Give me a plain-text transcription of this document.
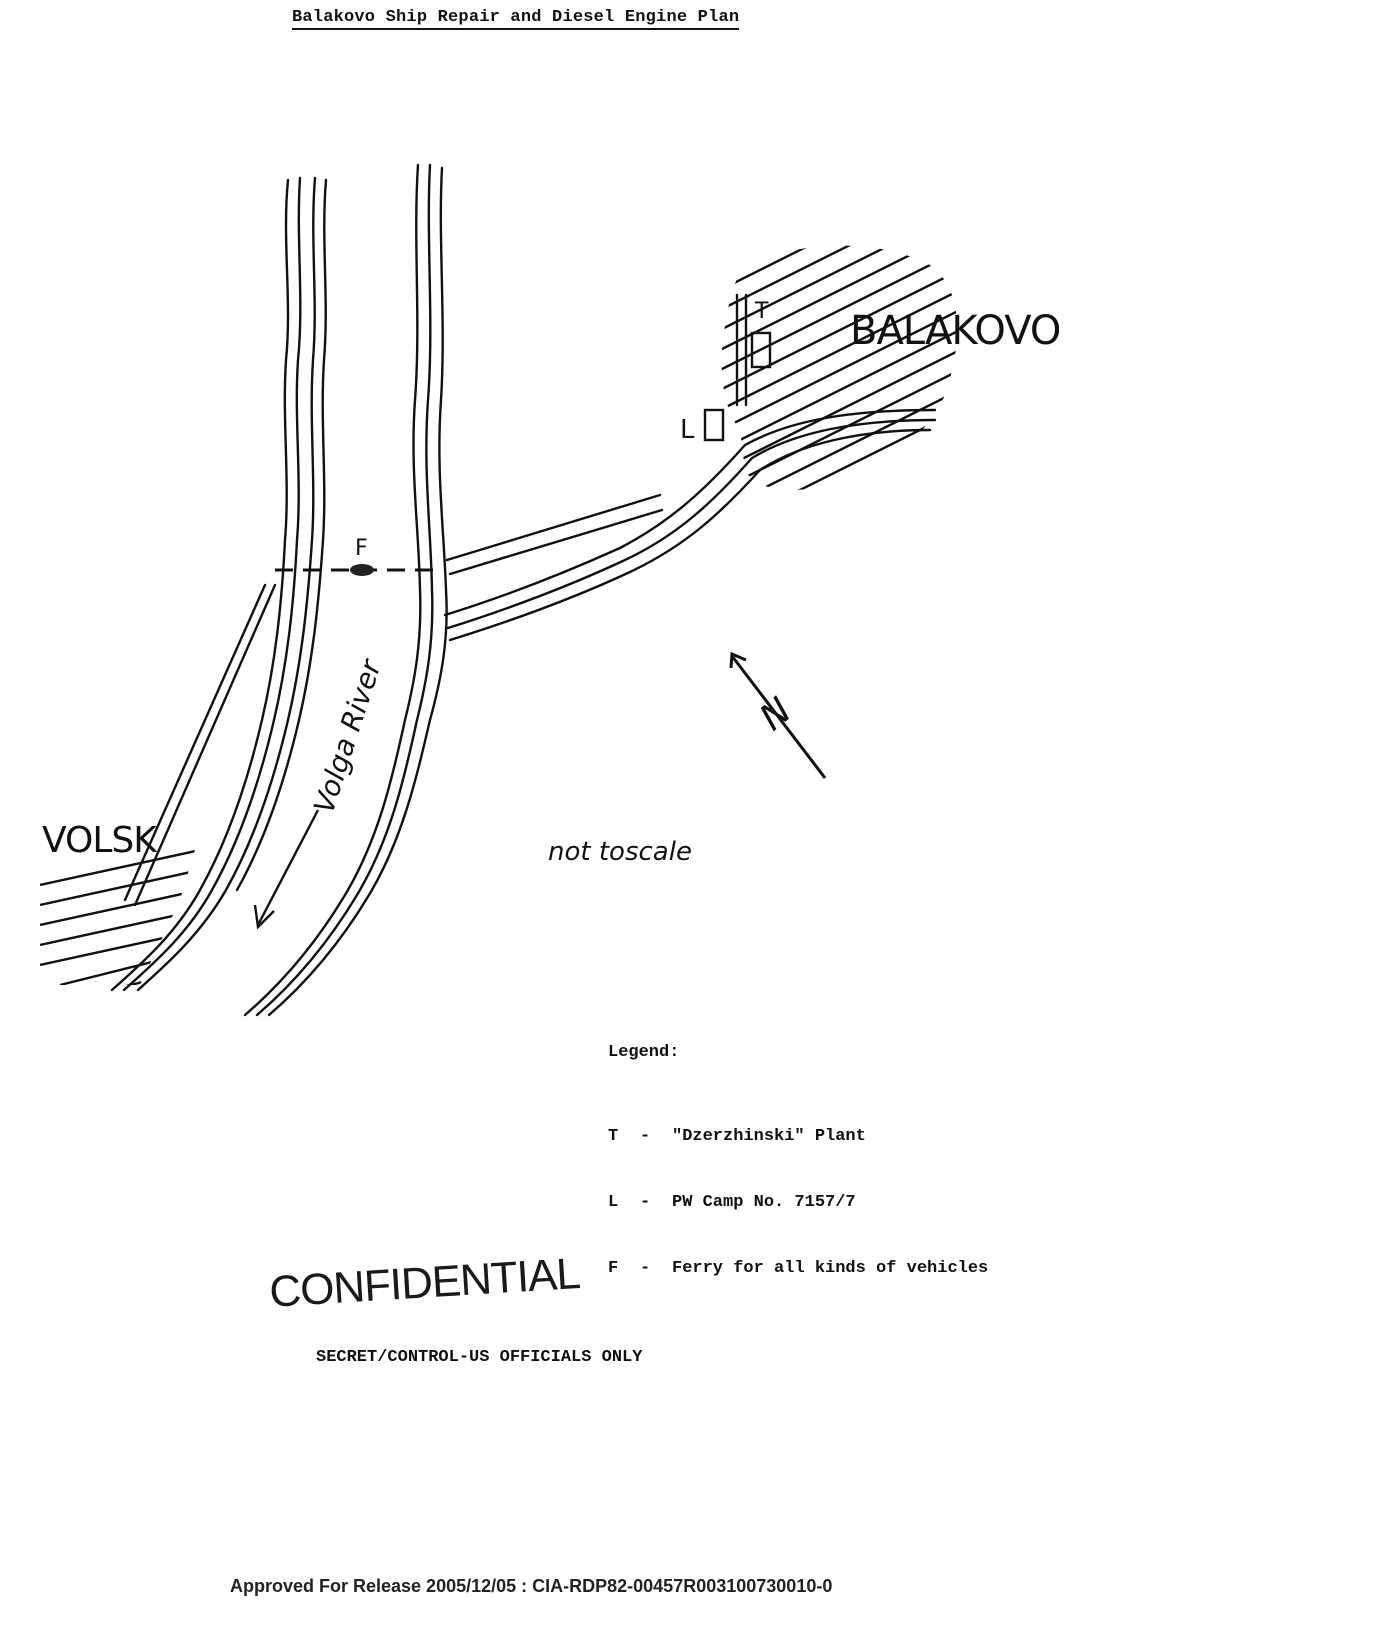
Balakovo Ship Repair and Diesel Engine Plan
F
T
L
BALAKOVO
VOLSK
Volga River	N
not toscale

Legend:

T	-	"Dzerzhinski" Plant

L	-	PW Camp No. 7157/7

F	-	Ferry for all kinds of vehicles

CONFIDENTIAL
SECRET/CONTROL-US OFFICIALS ONLY
Approved For Release 2005/12/05 : CIA-RDP82-00457R003100730010-0
